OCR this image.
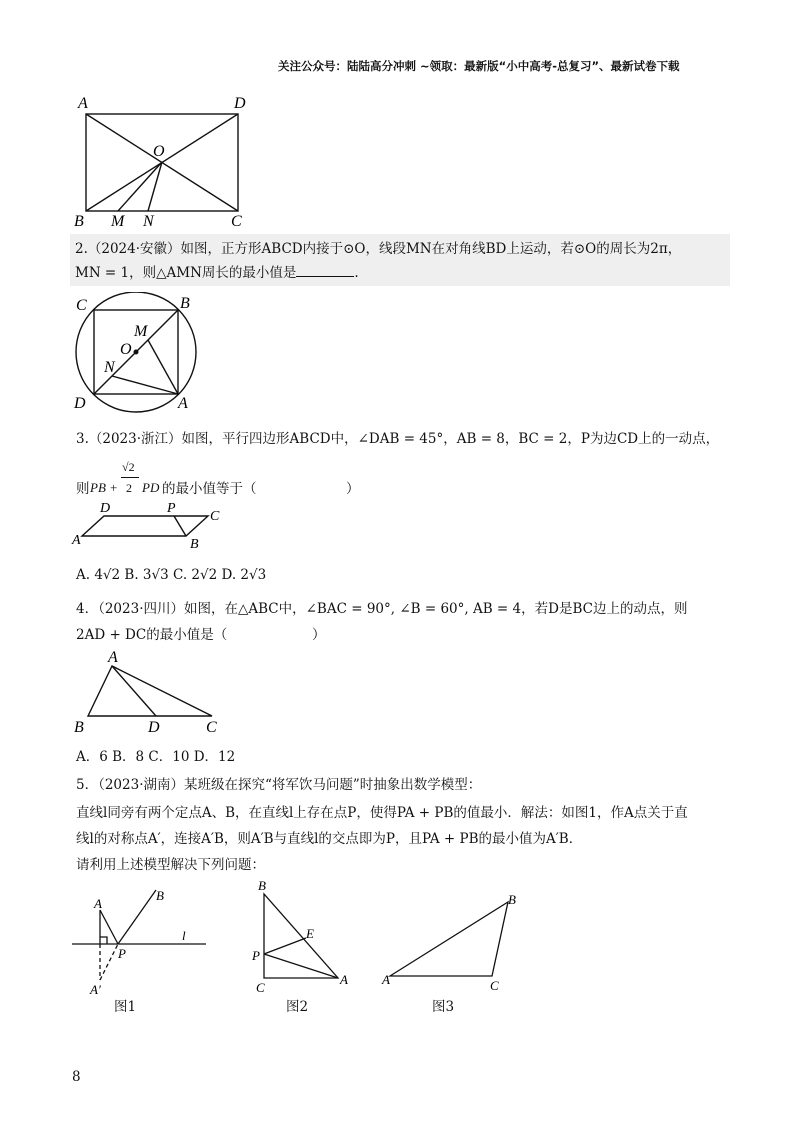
关注公众号：陆陆高分冲刺 ~领取：最新版“小中高考-总复习”、最新试卷下载
A	D
O
B M N	C
2.（2024·安徽）如图，正方形ABCD内接于⊙O，线段MN在对角线BD上运动，若⊙O的周长为2π，
MN = 1，则△AMN周长的最小值是	.
C	B
M
O
N
D	A
3.（2023·浙江）如图，平行四边形ABCD中，∠DAB = 45°，AB = 8，BC = 2，P为边CD上的一动点，
则 PB +
√2
2 PD 的最小值等于（	）
D	P
C
A	B
A. 4√2 B. 3√3 C. 2√2 D. 2√3
4．（2023·四川）如图，在△ABC中，∠BAC = 90°, ∠B = 60°, AB = 4，若D是BC边上的动点，则
2AD + DC的最小值是（	）
A
B	D	C
A．6 B．8 C．10 D．12
5．（2023·湖南）某班级在探究“将军饮马问题”时抽象出数学模型：
直线l同旁有两个定点A、B，在直线l上存在点P，使得PA + PB的值最小．解法：如图1，作A点关于直
线l的对称点A′，连接A′B，则A′B与直线l的交点即为P，且PA + PB的最小值为A′B．
请利用上述模型解决下列问题：
A
B
P
l
A′
图1
B
E
P
A
C
图2
B
A	C
图3
8
